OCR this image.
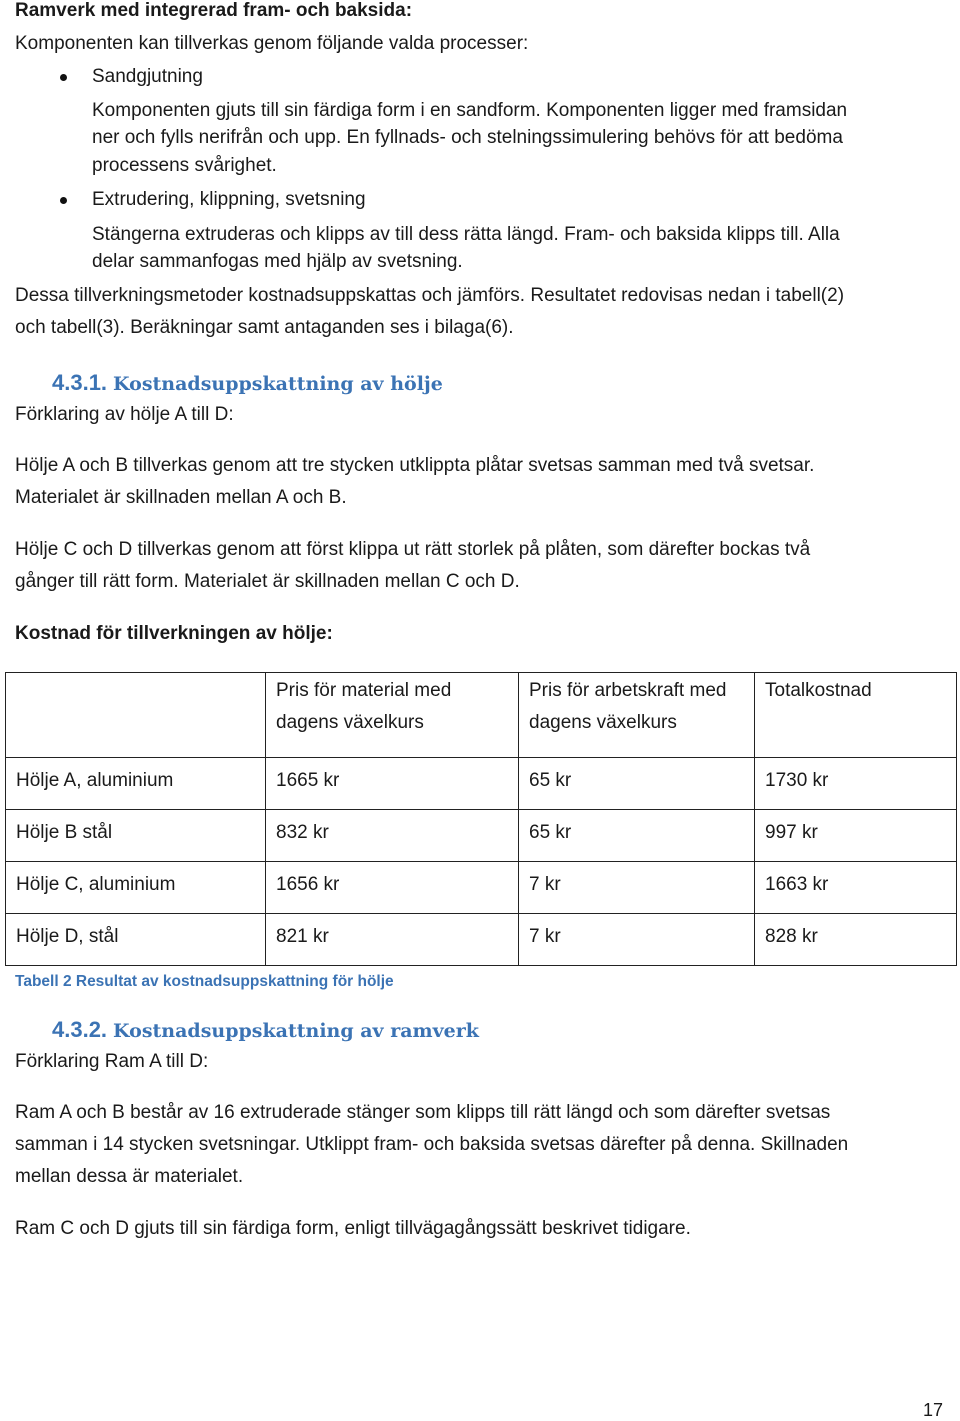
Ramverk med integrerad fram- och baksida:
Komponenten kan tillverkas genom följande valda processer:
Sandgjutning
Komponenten gjuts till sin färdiga form i en sandform. Komponenten ligger med framsidan
ner och fylls nerifrån och upp. En fyllnads- och stelningssimulering behövs för att bedöma
processens svårighet.
Extrudering, klippning, svetsning
Stängerna extruderas och klipps av till dess rätta längd. Fram- och baksida klipps till. Alla
delar sammanfogas med hjälp av svetsning.
Dessa tillverkningsmetoder kostnadsuppskattas och jämförs. Resultatet redovisas nedan i tabell(2)
och tabell(3). Beräkningar samt antaganden ses i bilaga(6).
4.3.1. Kostnadsuppskattning av hölje
Förklaring av hölje A till D:
Hölje A och B tillverkas genom att tre stycken utklippta plåtar svetsas samman med två svetsar.
Materialet är skillnaden mellan A och B.
Hölje C och D tillverkas genom att först klippa ut rätt storlek på plåten, som därefter bockas två
gånger till rätt form. Materialet är skillnaden mellan C och D.
Kostnad för tillverkningen av hölje:
	Pris för material med dagens växelkurs	Pris för arbetskraft med dagens växelkurs	Totalkostnad
Hölje A, aluminium	1665 kr	65 kr	1730 kr
Hölje B stål	832 kr	65 kr	997 kr
Hölje C, aluminium	1656 kr	7 kr	1663 kr
Hölje D, stål	821 kr	7 kr	828 kr
Tabell 2 Resultat av kostnadsuppskattning för hölje
4.3.2. Kostnadsuppskattning av ramverk
Förklaring Ram A till D:
Ram A och B består av 16 extruderade stänger som klipps till rätt längd och som därefter svetsas
samman i 14 stycken svetsningar. Utklippt fram- och baksida svetsas därefter på denna. Skillnaden
mellan dessa är materialet.
Ram C och D gjuts till sin färdiga form, enligt tillvägagångssätt beskrivet tidigare.
17
